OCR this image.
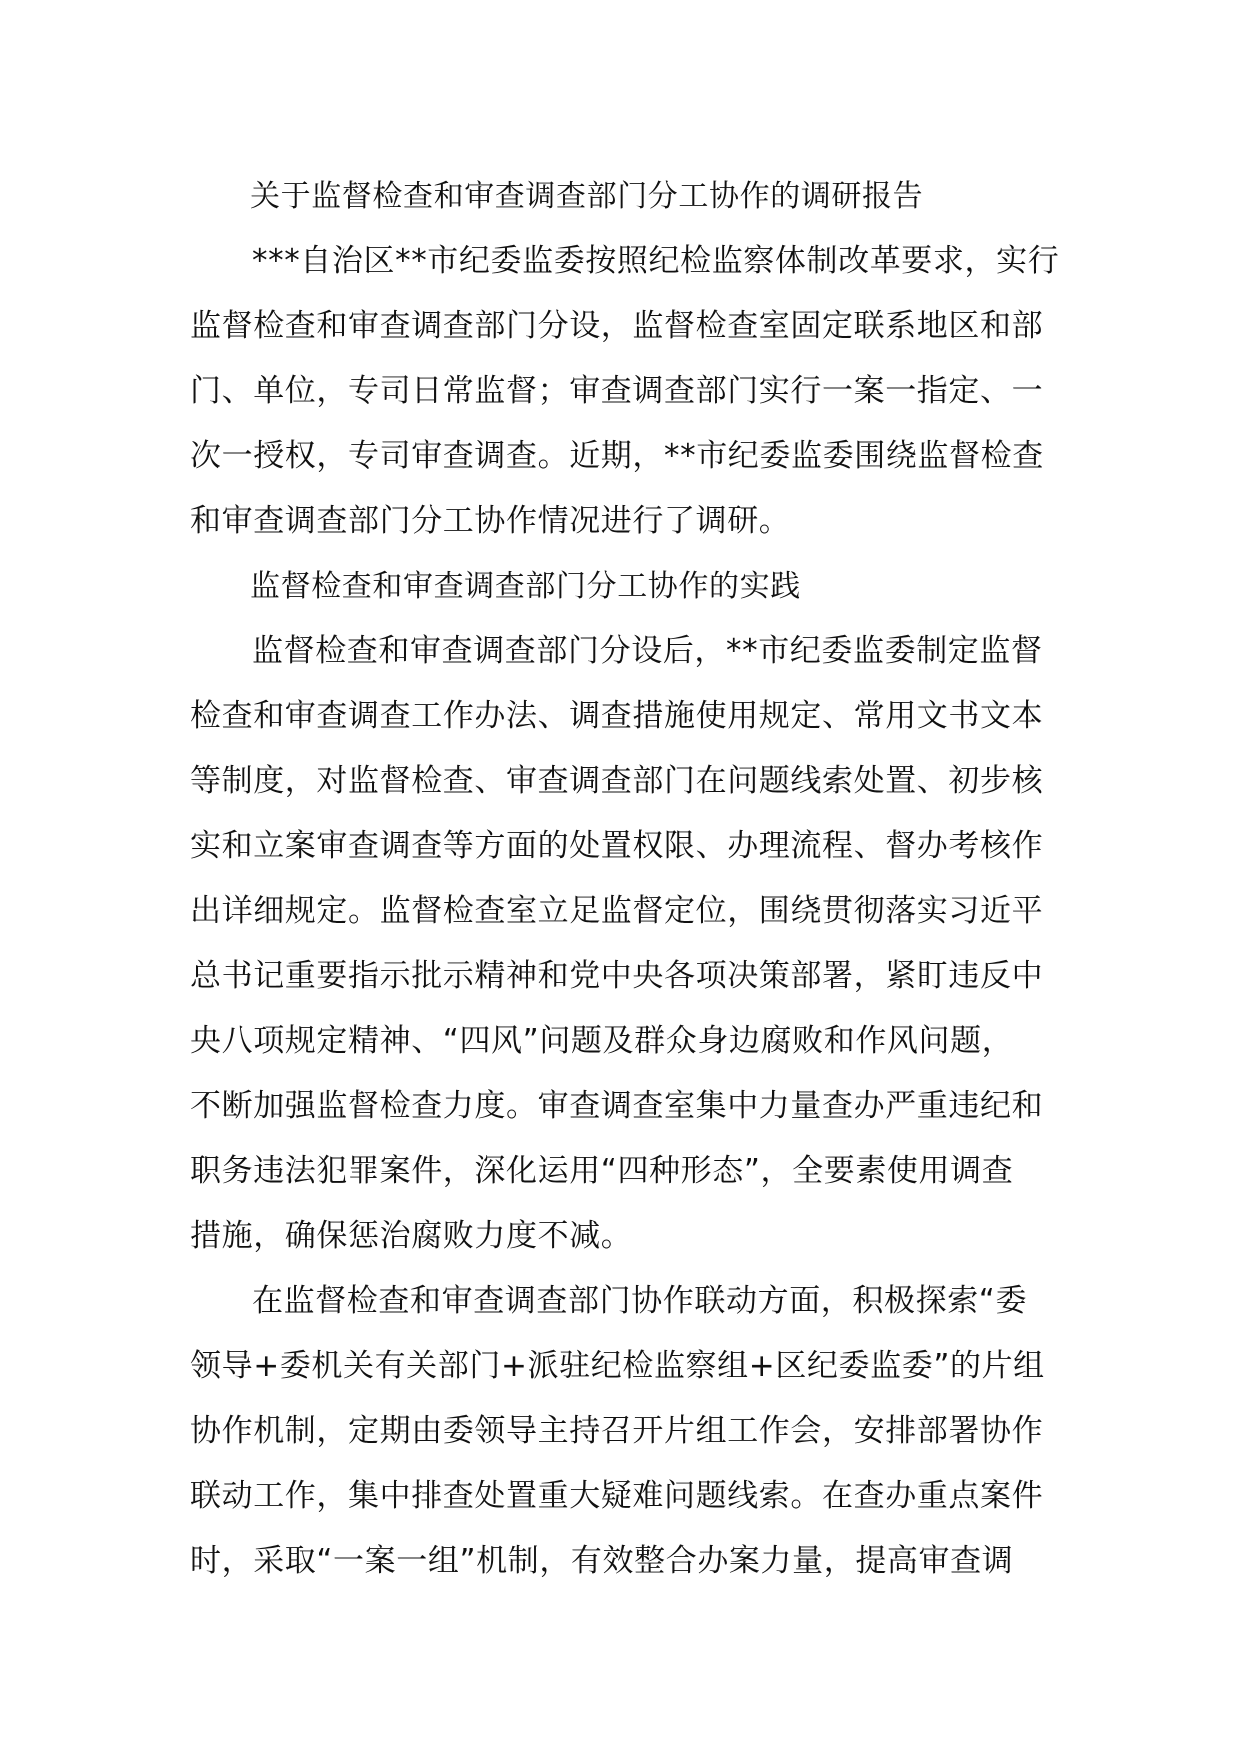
关于监督检查和审查调查部门分工协作的调研报告
***自治区**市纪委监委按照纪检监察体制改革要求，实行
监督检查和审查调查部门分设，监督检查室固定联系地区和部
门、单位，专司日常监督；审查调查部门实行一案一指定、一
次一授权，专司审查调查。近期，**市纪委监委围绕监督检查
和审查调查部门分工协作情况进行了调研。
监督检查和审查调查部门分工协作的实践
监督检查和审查调查部门分设后，**市纪委监委制定监督
检查和审查调查工作办法、调查措施使用规定、常用文书文本
等制度，对监督检查、审查调查部门在问题线索处置、初步核
实和立案审查调查等方面的处置权限、办理流程、督办考核作
出详细规定。监督检查室立足监督定位，围绕贯彻落实习近平
总书记重要指示批示精神和党中央各项决策部署，紧盯违反中
央八项规定精神、“四风”问题及群众身边腐败和作风问题，
不断加强监督检查力度。审查调查室集中力量查办严重违纪和
职务违法犯罪案件，深化运用“四种形态”，全要素使用调查
措施，确保惩治腐败力度不减。
在监督检查和审查调查部门协作联动方面，积极探索“委
领导+委机关有关部门+派驻纪检监察组+区纪委监委”的片组
协作机制，定期由委领导主持召开片组工作会，安排部署协作
联动工作，集中排查处置重大疑难问题线索。在查办重点案件
时，采取“一案一组”机制，有效整合办案力量，提高审查调
